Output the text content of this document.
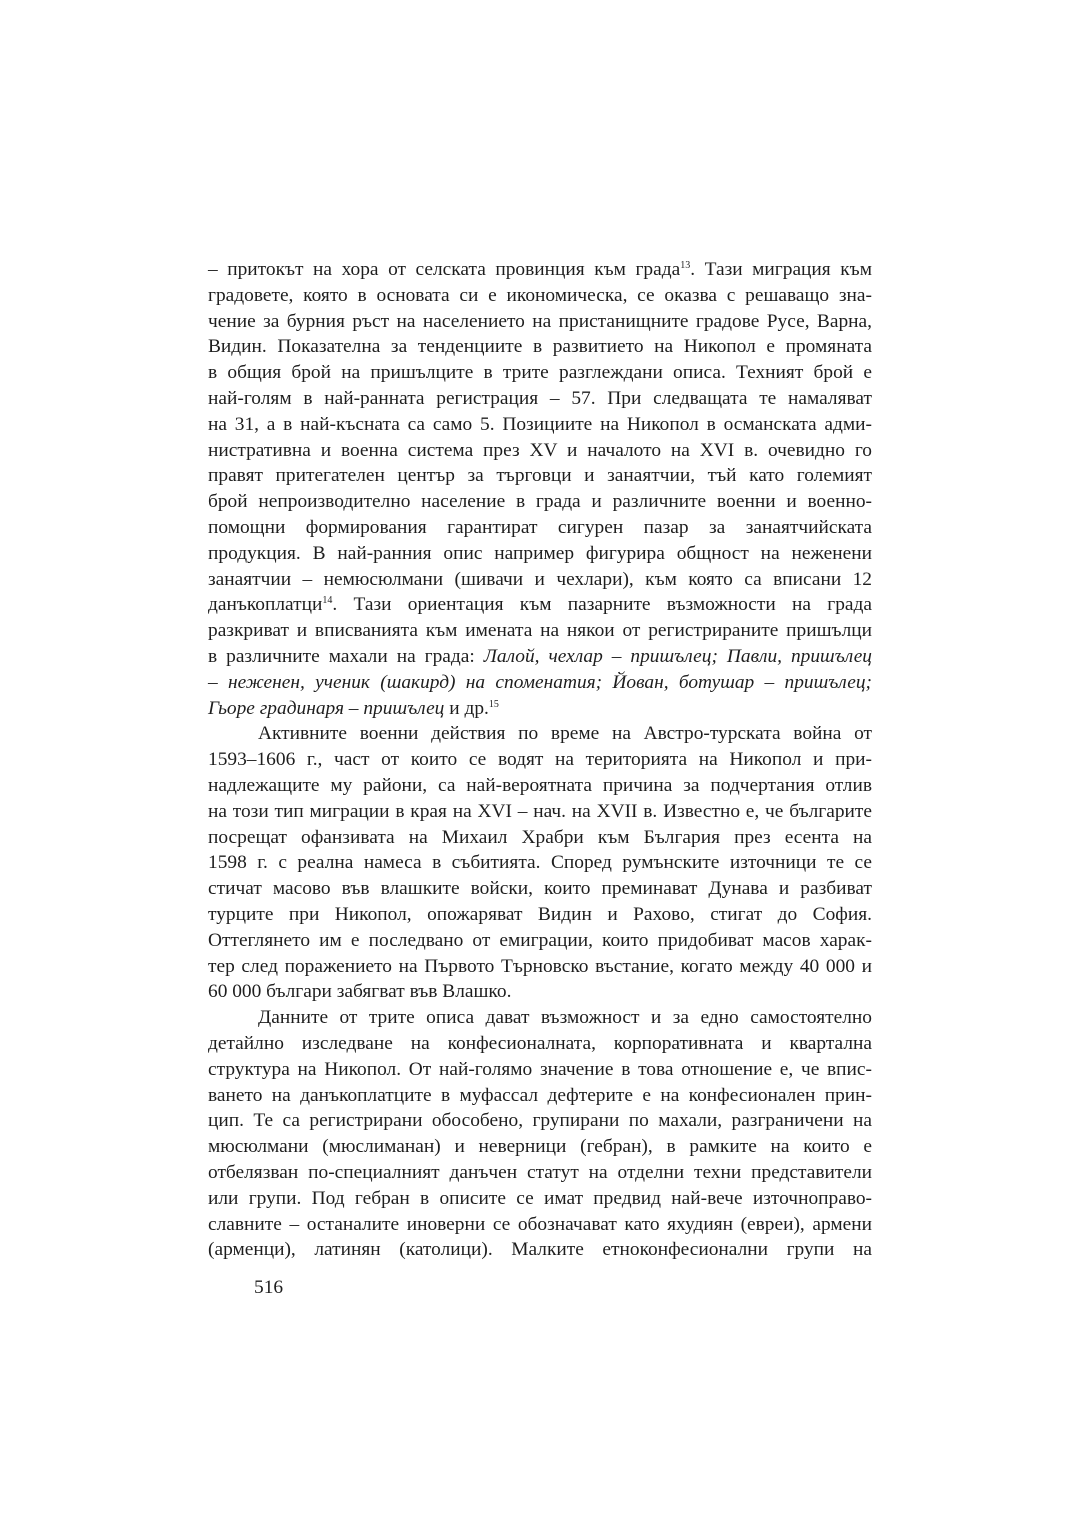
– притокът на хора от селската провинция към града$^{13}$. Тази миграция към
градовете, която в основата си е икономическа, се оказва с решаващо зна-
чение за бурния ръст на населението на пристанищните градове Русе, Варна,
Видин. Показателна за тенденциите в развитието на Никопол е промяната
в общия брой на пришълците в трите разглеждани описа. Техният брой е
най-голям в най-ранната регистрация – 57. При следващата те намаляват
на 31, а в най-късната са само 5. Позициите на Никопол в османската адми-
нистративна и военна система през XV и началото на XVI в. очевидно го
правят притегателен център за търговци и занаятчии, тъй като големият
брой непроизводително население в града и различните военни и военно-
помощни формирования гарантират сигурен пазар за занаятчийската
продукция. В най-ранния опис например фигурира общност на неженени
занаятчии – немюсюлмани (шивачи и чехлари), към която са вписани 12
данъкоплатци$^{14}$. Тази ориентация към пазарните възможности на града
разкриват и вписванията към имената на някои от регистрираните пришълци
в различните махали на града: Лалой, чехлар – пришълец; Павли, пришълец
– неженен, ученик (шакирд) на споменатия; Йован, ботушар – пришълец;
Гьоре градинаря – пришълец и др.$^{15}$
Активните военни действия по време на Австро-турската война от
1593–1606 г., част от които се водят на територията на Никопол и при-
надлежащите му райони, са най-вероятната причина за подчертания отлив
на този тип миграции в края на XVI – нач. на XVII в. Известно е, че българите
посрещат офанзивата на Михаил Храбри към България през есента на
1598 г. с реална намеса в събитията. Според румънските източници те се
стичат масово във влашките войски, които преминават Дунава и разбиват
турците при Никопол, опожаряват Видин и Рахово, стигат до София.
Оттеглянето им е последвано от емиграции, които придобиват масов харак-
тер след поражението на Първото Търновско въстание, когато между 40 000 и
60 000 българи забягват във Влашко.
Данните от трите описа дават възможност и за едно самостоятелно
детайлно изследване на конфесионалната, корпоративната и квартална
структура на Никопол. От най-голямо значение в това отношение е, че впис-
ването на данъкоплатците в муфассал дефтерите е на конфесионален прин-
цип. Те са регистрирани обособено, групирани по махали, разграничени на
мюсюлмани (мюслиманан) и неверници (гебран), в рамките на които е
отбелязван по-специалният данъчен статут на отделни техни представители
или групи. Под гебран в описите се имат предвид най-вече източноправо-
славните – останалите иноверни се обозначават като яхудиян (евреи), армени
(арменци), латинян (католици). Малките етноконфесионални групи на
516
